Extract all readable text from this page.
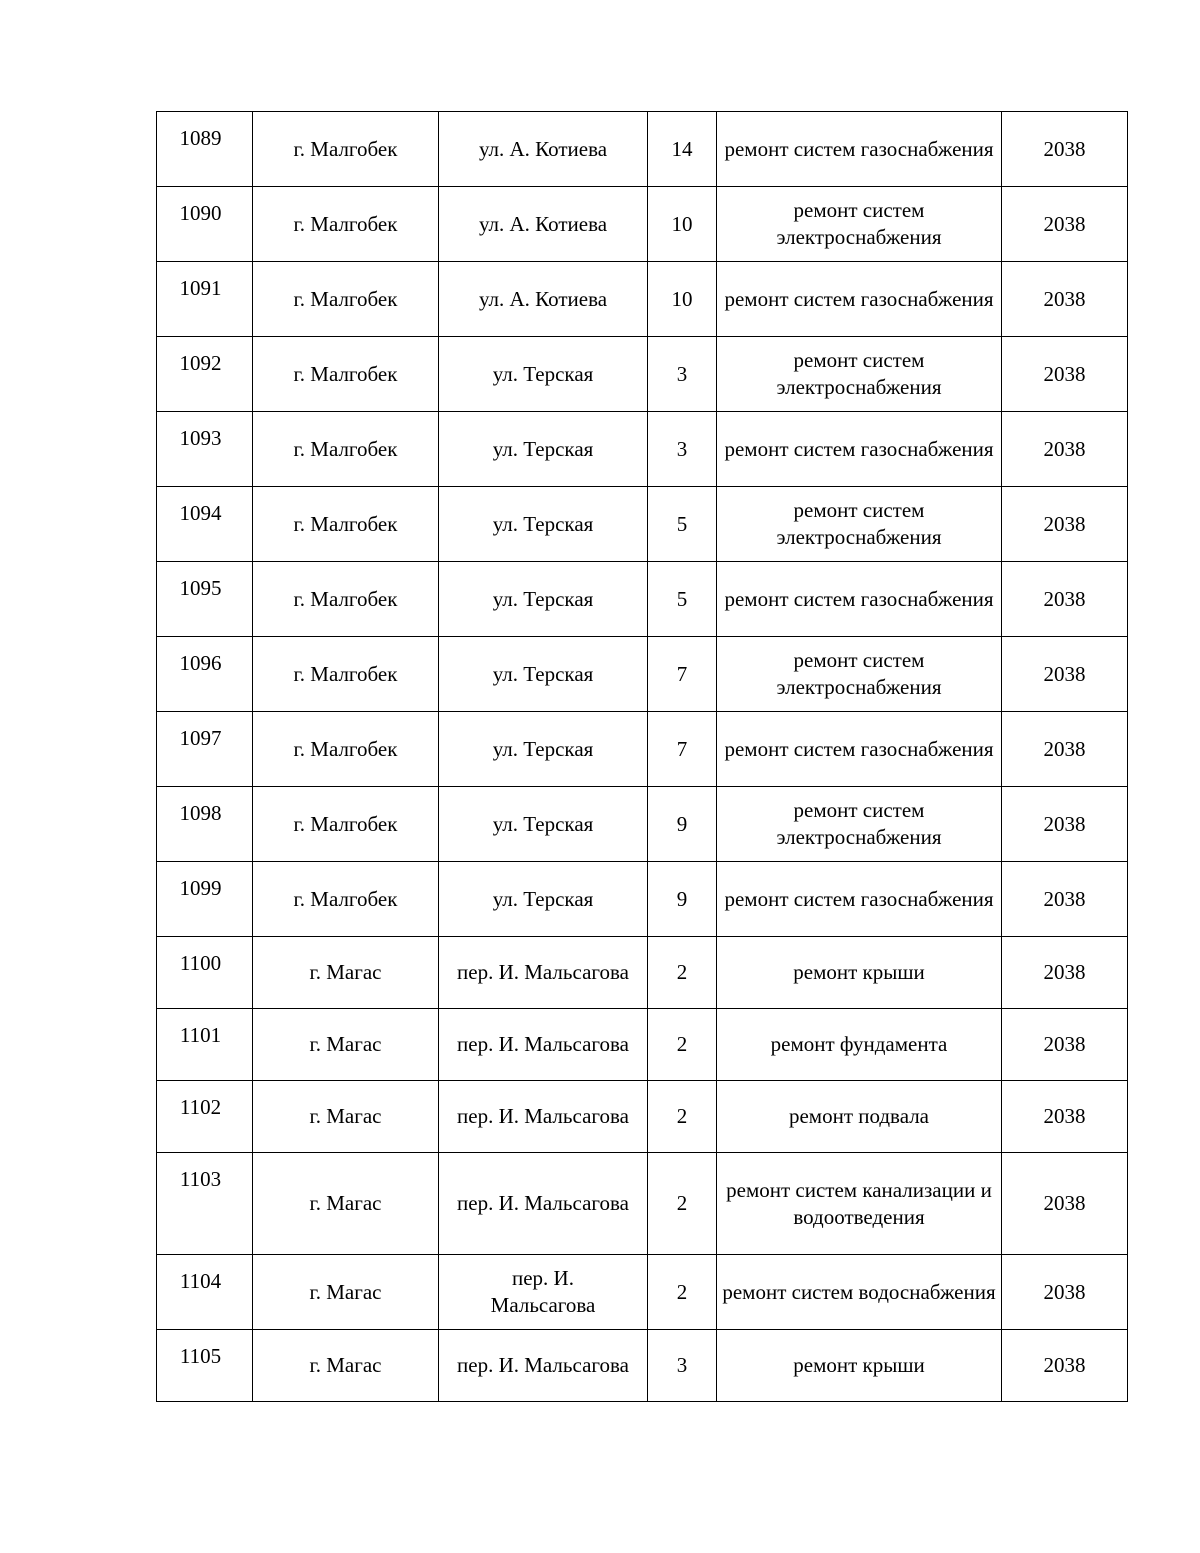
1089	г. Малгобек	ул. А. Котиева	14	ремонт систем газоснабжения	2038
1090	г. Малгобек	ул. А. Котиева	10	ремонт систем электроснабжения	2038
1091	г. Малгобек	ул. А. Котиева	10	ремонт систем газоснабжения	2038
1092	г. Малгобек	ул. Терская	3	ремонт систем электроснабжения	2038
1093	г. Малгобек	ул. Терская	3	ремонт систем газоснабжения	2038
1094	г. Малгобек	ул. Терская	5	ремонт систем электроснабжения	2038
1095	г. Малгобек	ул. Терская	5	ремонт систем газоснабжения	2038
1096	г. Малгобек	ул. Терская	7	ремонт систем электроснабжения	2038
1097	г. Малгобек	ул. Терская	7	ремонт систем газоснабжения	2038
1098	г. Малгобек	ул. Терская	9	ремонт систем электроснабжения	2038
1099	г. Малгобек	ул. Терская	9	ремонт систем газоснабжения	2038
1100	г. Магас	пер. И. Мальсагова	2	ремонт крыши	2038
1101	г. Магас	пер. И. Мальсагова	2	ремонт фундамента	2038
1102	г. Магас	пер. И. Мальсагова	2	ремонт подвала	2038
1103	г. Магас	пер. И. Мальсагова	2	ремонт систем канализации и водоотведения	2038
1104	г. Магас	пер. И. Мальсагова	2	ремонт систем водоснабжения	2038
1105	г. Магас	пер. И. Мальсагова	3	ремонт крыши	2038
